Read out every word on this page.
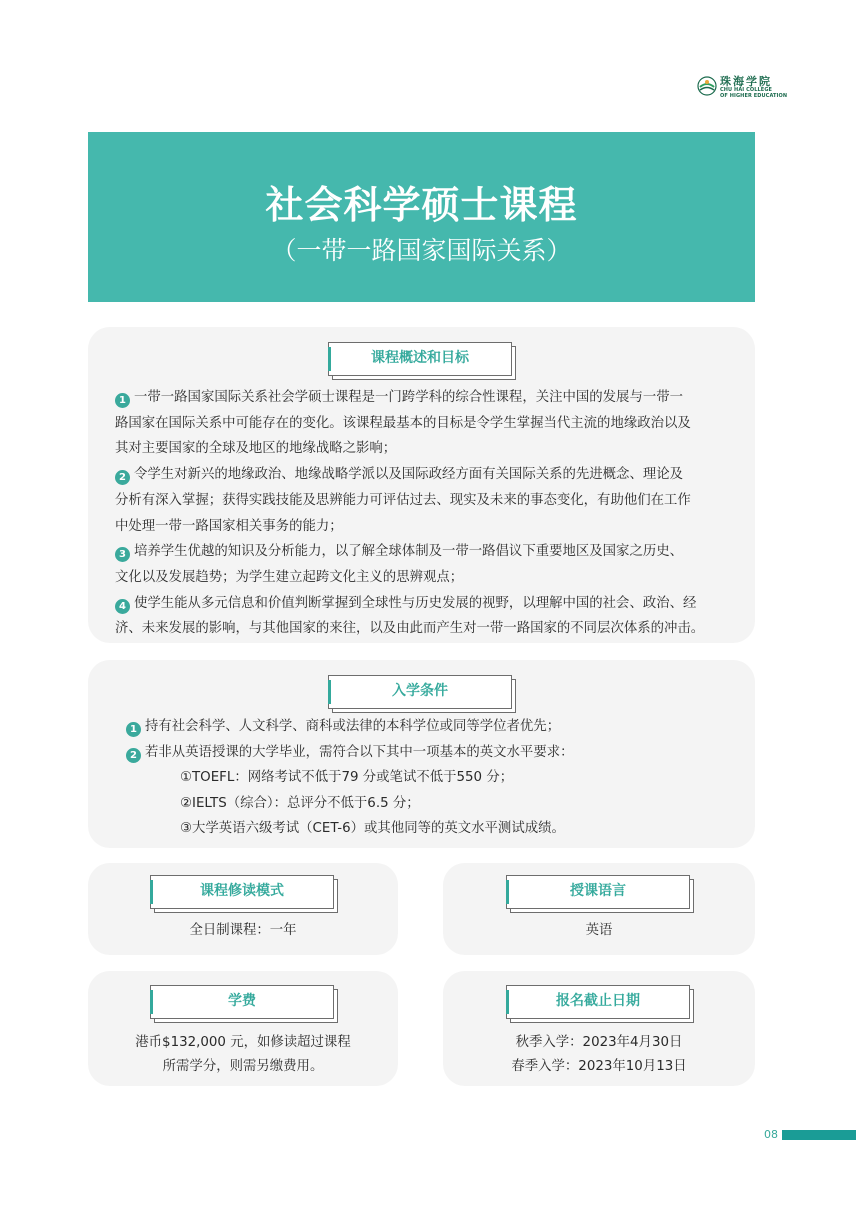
珠海学院
CHU HAI COLLEGE
OF HIGHER EDUCATION
社会科学硕士课程
（一带一路国家国际关系）
课程概述和目标
1 一带一路国家国际关系社会学硕士课程是一门跨学科的综合性课程，关注中国的发展与一带一
路国家在国际关系中可能存在的变化。该课程最基本的目标是令学生掌握当代主流的地缘政治以及
其对主要国家的全球及地区的地缘战略之影响；
2 令学生对新兴的地缘政治、地缘战略学派以及国际政经方面有关国际关系的先进概念、理论及
分析有深入掌握；获得实践技能及思辨能力可评估过去、现实及未来的事态变化，有助他们在工作
中处理一带一路国家相关事务的能力；
3 培养学生优越的知识及分析能力，以了解全球体制及一带一路倡议下重要地区及国家之历史、
文化以及发展趋势；为学生建立起跨文化主义的思辨观点；
4 使学生能从多元信息和价值判断掌握到全球性与历史发展的视野，以理解中国的社会、政治、经
济、未来发展的影响，与其他国家的来往，以及由此而产生对一带一路国家的不同层次体系的冲击。
入学条件
1 持有社会科学、人文科学、商科或法律的本科学位或同等学位者优先；
2 若非从英语授课的大学毕业，需符合以下其中一项基本的英文水平要求：
①TOEFL：网络考试不低于79 分或笔试不低于550 分；
②IELTS（综合）：总评分不低于6.5 分；
③大学英语六级考试（CET-6）或其他同等的英文水平测试成绩。
课程修读模式
全日制课程：一年
授课语言
英语
学费
港币$132,000 元，如修读超过课程
所需学分，则需另缴费用。
报名截止日期
秋季入学：2023年4月30日
春季入学：2023年10月13日
08
